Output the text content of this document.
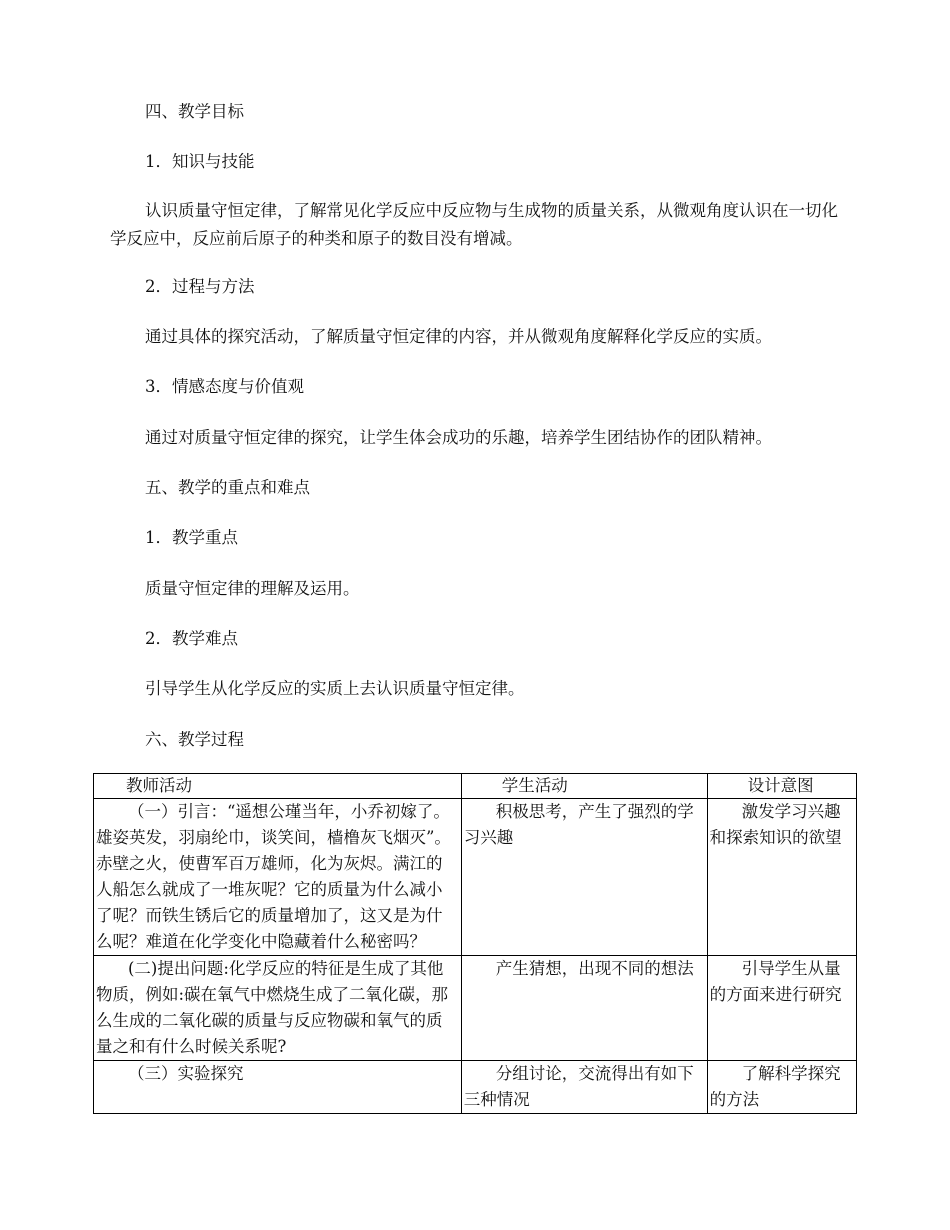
四、教学目标
1．知识与技能
认识质量守恒定律，了解常见化学反应中反应物与生成物的质量关系，从微观角度认识在一切化学反应中，反应前后原子的种类和原子的数目没有增减。
2．过程与方法
通过具体的探究活动，了解质量守恒定律的内容，并从微观角度解释化学反应的实质。
3．情感态度与价值观
通过对质量守恒定律的探究，让学生体会成功的乐趣，培养学生团结协作的团队精神。
五、教学的重点和难点
1．教学重点
质量守恒定律的理解及运用。
2．教学难点
引导学生从化学反应的实质上去认识质量守恒定律。
六、教学过程
教师活动	学生活动	设计意图
（一）引言：“遥想公瑾当年，小乔初嫁了。雄姿英发，羽扇纶巾，谈笑间，樯橹灰飞烟灭”。赤壁之火，使曹军百万雄师，化为灰烬。满江的人船怎么就成了一堆灰呢？它的质量为什么减小了呢？而铁生锈后它的质量增加了，这又是为什么呢？难道在化学变化中隐藏着什么秘密吗？	积极思考，产生了强烈的学习兴趣	激发学习兴趣和探索知识的欲望
(二)提出问题:化学反应的特征是生成了其他物质，例如:碳在氧气中燃烧生成了二氧化碳，那么生成的二氧化碳的质量与反应物碳和氧气的质量之和有什么时候关系呢?	产生猜想，出现不同的想法	引导学生从量的方面来进行研究
（三）实验探究	分组讨论，交流得出有如下三种情况	了解科学探究的方法
